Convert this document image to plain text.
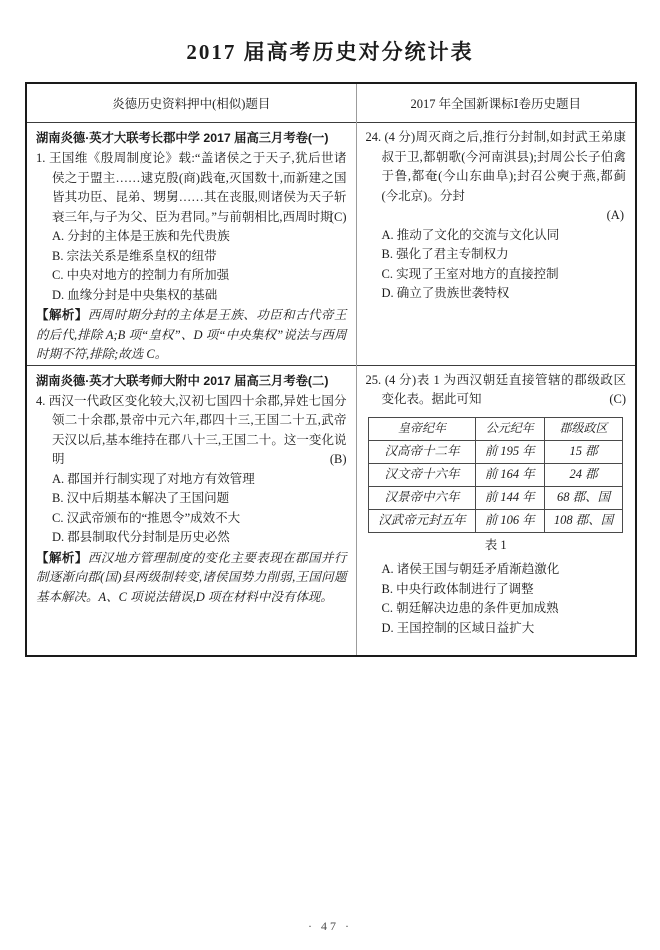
2017 届高考历史对分统计表
炎德历史资料押中(相似)题目	2017 年全国新课标Ⅰ卷历史题目

湖南炎德·英才大联考长郡中学 2017 届高三月考卷(一)
1. 王国维《殷周制度论》载:“盖诸侯之于天子,犹后世诸侯之于盟主……逮克殷(商)践奄,灭国数十,而新建之国皆其功臣、昆弟、甥舅……其在丧服,则诸侯为天子斩衰三年,与子为父、臣为君同。”与前朝相比,西周时期
(C)
A. 分封的主体是王族和先代贵族
B. 宗法关系是维系皇权的纽带
C. 中央对地方的控制力有所加强
D. 血缘分封是中央集权的基础
【解析】西周时期分封的主体是王族、功臣和古代帝王的后代,排除 A;B 项“皇权”、D 项“中央集权”说法与西周时期不符,排除;故选 C。

24. (4 分)周灭商之后,推行分封制,如封武王弟康叔于卫,都朝歌(今河南淇县);封周公长子伯禽于鲁,都奄(今山东曲阜);封召公奭于燕,都蓟(今北京)。分封
(A)
A. 推动了文化的交流与文化认同
B. 强化了君主专制权力
C. 实现了王室对地方的直接控制
D. 确立了贵族世袭特权

湖南炎德·英才大联考师大附中 2017 届高三月考卷(二)
4. 西汉一代政区变化较大,汉初七国四十余郡,异姓七国分领二十余郡,景帝中元六年,郡四十三,王国二十五,武帝天汉以后,基本维持在郡八十三,王国二十。这一变化说明	(B)
A. 郡国并行制实现了对地方有效管理
B. 汉中后期基本解决了王国问题
C. 汉武帝颁布的“推恩令”成效不大
D. 郡县制取代分封制是历史必然
【解析】西汉地方管理制度的变化主要表现在郡国并行制逐渐向郡(国)县两级制转变,诸侯国势力削弱,王国问题基本解决。A、C 项说法错误,D 项在材料中没有体现。

25. (4 分)表 1 为西汉朝廷直接管辖的郡级政区变化表。据此可知	(C)
皇帝纪年	公元纪年	郡级政区
汉高帝十二年	前 195 年	15 郡
汉文帝十六年	前 164 年	24 郡
汉景帝中六年	前 144 年	68 郡、国
汉武帝元封五年	前 106 年	108 郡、国
表 1
A. 诸侯王国与朝廷矛盾渐趋激化
B. 中央行政体制进行了调整
C. 朝廷解决边患的条件更加成熟
D. 王国控制的区域日益扩大
· 47 ·
